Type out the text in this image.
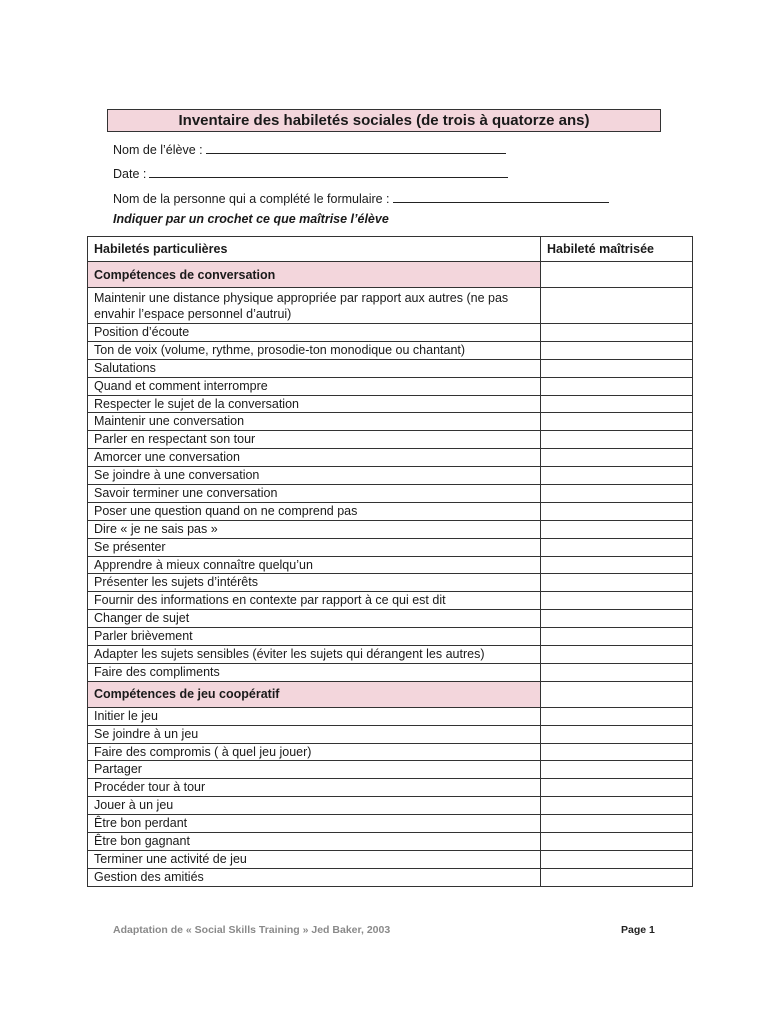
Inventaire des habiletés sociales (de trois à quatorze ans)
Nom de l’élève :
Date :
Nom de la personne qui a complété le formulaire :
Indiquer par un crochet ce que maîtrise l’élève
Habiletés particulières	Habileté maîtrisée
Compétences de conversation	
Maintenir une distance physique appropriée par rapport aux autres (ne pas envahir l’espace personnel d’autrui)	
Position d’écoute	
Ton de voix (volume, rythme, prosodie-ton monodique ou chantant)	
Salutations	
Quand et comment interrompre	
Respecter le sujet de la conversation	
Maintenir une conversation	
Parler en respectant son tour	
Amorcer une conversation	
Se joindre à une conversation	
Savoir terminer une conversation	
Poser une question quand on ne comprend pas	
Dire « je ne sais pas »	
Se présenter	
Apprendre à mieux connaître quelqu’un	
Présenter les sujets d’intérêts	
Fournir des informations en contexte par rapport à ce qui est dit	
Changer de sujet	
Parler brièvement	
Adapter les sujets sensibles (éviter les sujets qui dérangent les autres)	
Faire des compliments	
Compétences de jeu coopératif	
Initier le jeu	
Se joindre à un jeu	
Faire des compromis ( à quel jeu jouer)	
Partager	
Procéder tour à tour	
Jouer à un jeu	
Être bon perdant	
Être bon gagnant	
Terminer une activité de jeu	
Gestion des amitiés	
Adaptation de « Social Skills Training » Jed Baker, 2003	Page 1
